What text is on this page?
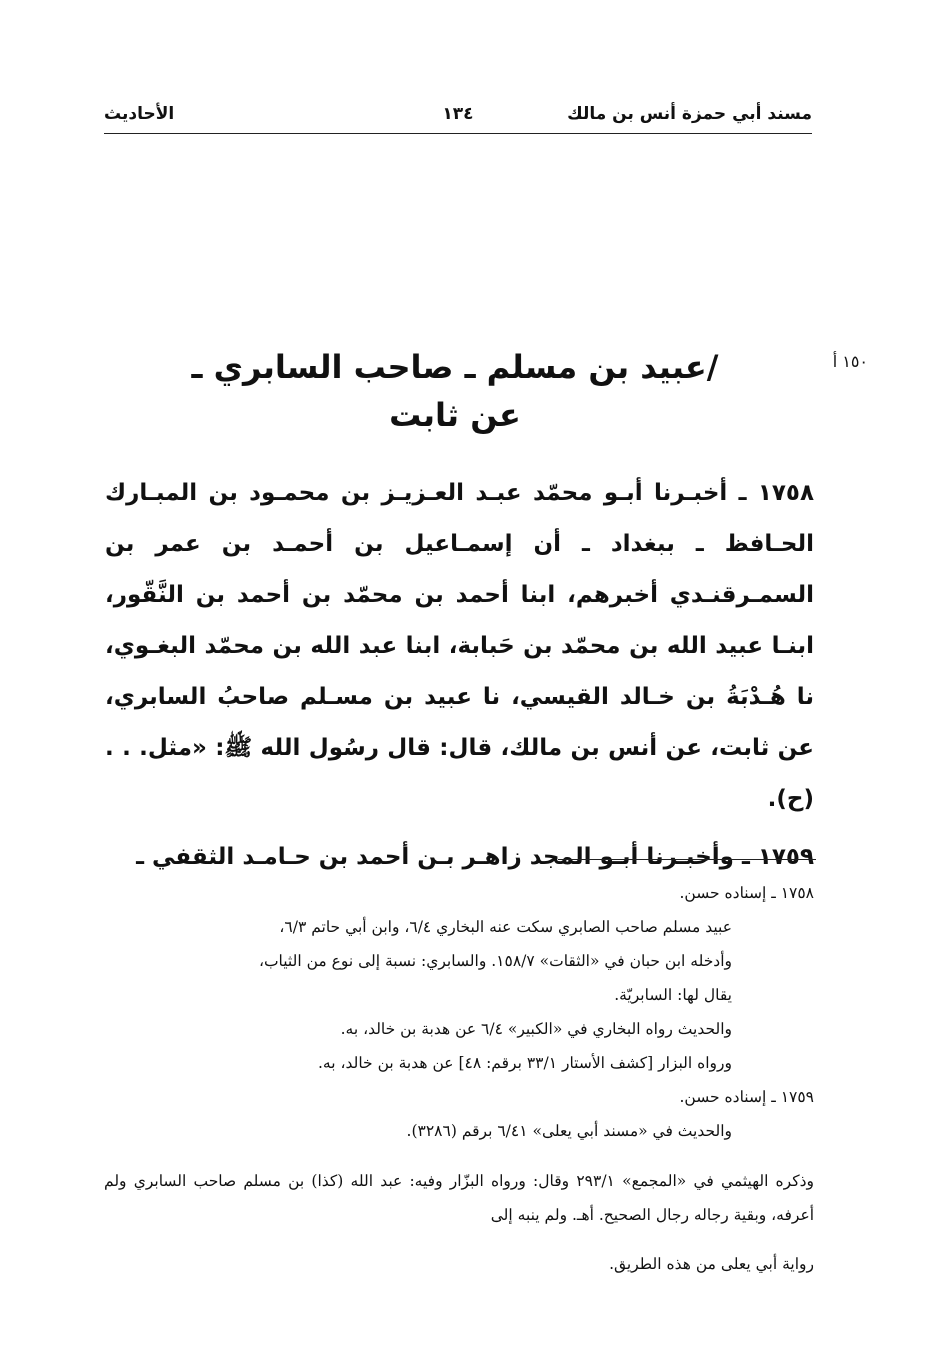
مسند أبي حمزة أنس بن مالك
١٣٤
الأحاديث
١٥٠ أ
/عبيد بن مسلم ـ صاحب السابري ـ
عن ثابت

١٧٥٨ ـ أخبـرنا أبـو محمّد عبـد العـزيـز بن محمـود بن المبـارك الحـافظ ـ ببغداد ـ أن إسمـاعيل بن أحمـد بن عمر بن السمـرقنـدي أخبرهم، ابنا أحمد بن محمّد بن أحمد بن النَّقّور، ابنـا عبيد الله بن محمّد بن حَبابة، ابنا عبد الله بن محمّد البغـوي، نا هُـدْبَةُ بن خـالد القيسي، نا عبيد بن مسـلم صاحبُ السابري، عن ثابت، عن أنس بن مالك، قال: قال رسُول الله ﷺ: «مثل. . . (ح).

١٧٥٩ ـ وأخبـرنا أبـو المجد زاهـر بـن أحمد بن حـامـد الثقفي ـ

١٧٥٨ ـ إسناده حسن.

عبيد مسلم صاحب الصابري سكت عنه البخاري ٦/٤، وابن أبي حاتم ٦/٣،

وأدخله ابن حبان في «الثقات» ١٥٨/٧. والسابري: نسبة إلى نوع من الثياب،

يقال لها: السابريّة.

والحديث رواه البخاري في «الكبير» ٦/٤ عن هدبة بن خالد، به.

ورواه البزار [كشف الأستار ٣٣/١ برقم: ٤٨] عن هدبة بن خالد، به.

١٧٥٩ ـ إسناده حسن.

والحديث في «مسند أبي يعلى» ٦/٤١ برقم (٣٢٨٦).

وذكره الهيثمي في «المجمع» ٢٩٣/١ وقال: ورواه البزّار وفيه: عبد الله (كذا) بن مسلم صاحب السابري ولم أعرفه، وبقية رجاله رجال الصحيح. أهـ. ولم ينبه إلى

رواية أبي يعلى من هذه الطريق.
